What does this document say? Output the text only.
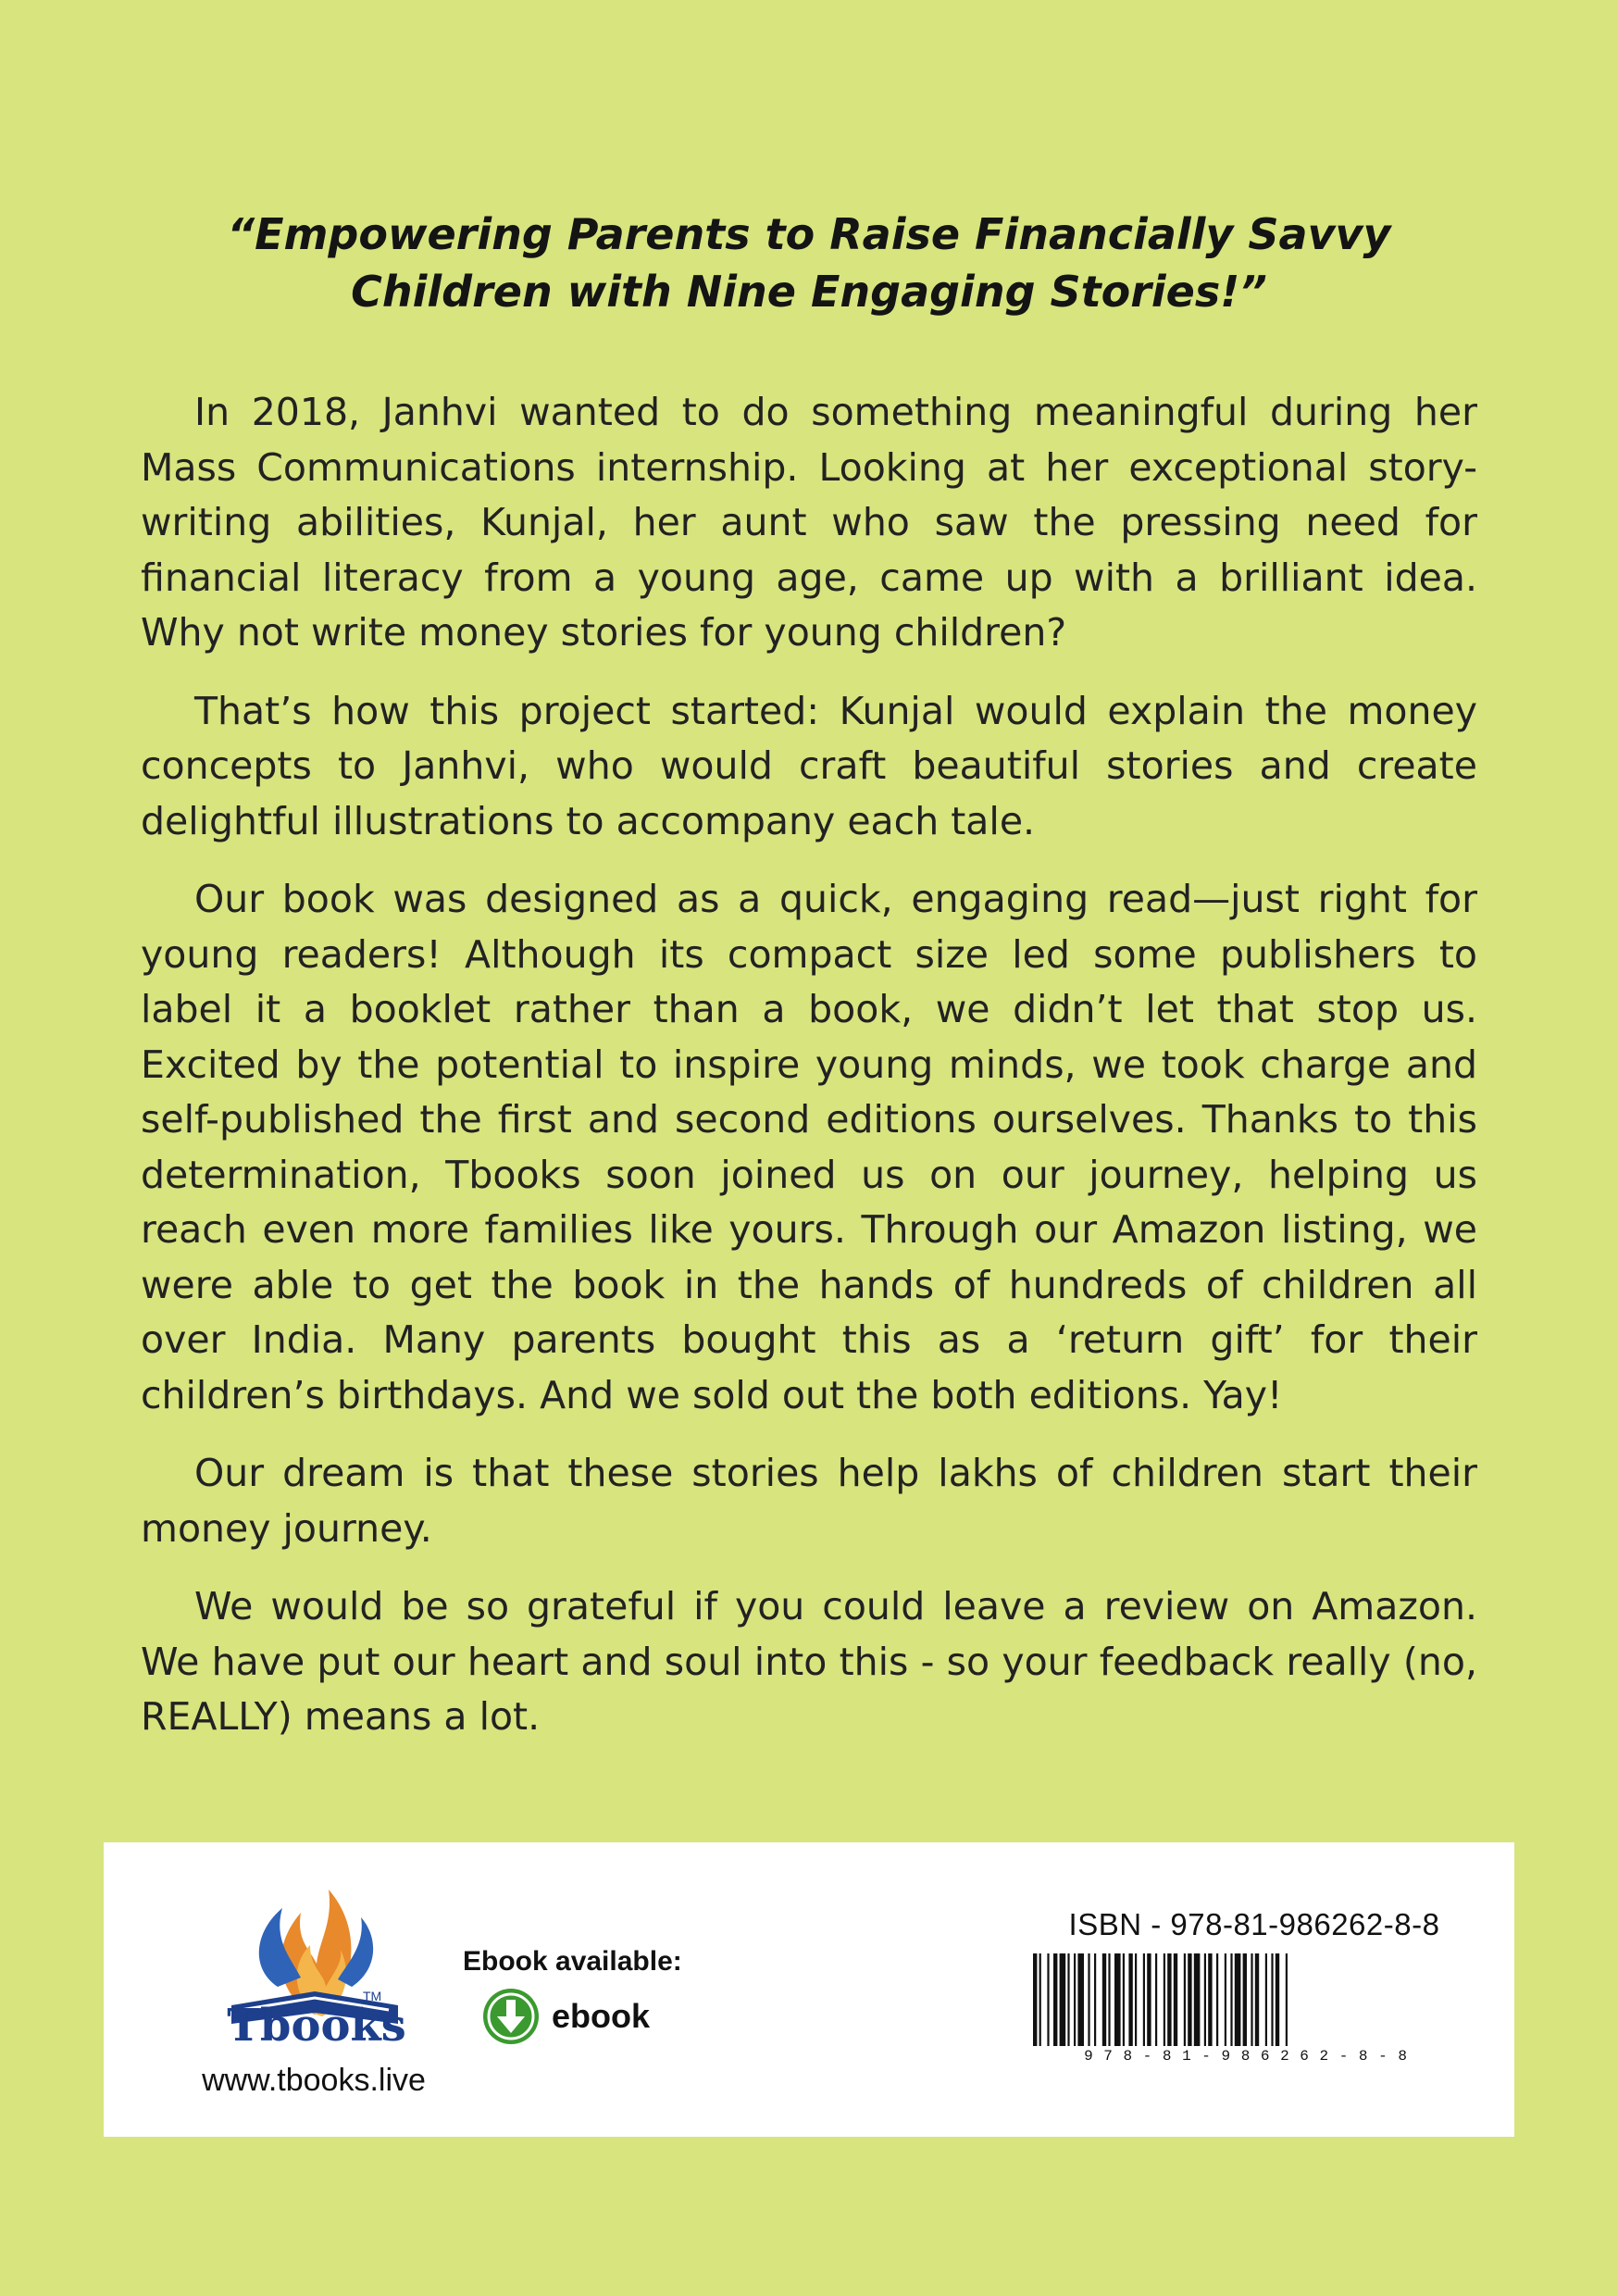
“Empowering Parents to Raise Financially Savvy
Children with Nine Engaging Stories!”

In 2018, Janhvi wanted to do something meaningful during her Mass Communications internship. Looking at her exceptional story-writing abilities, Kunjal, her aunt who saw the pressing need for financial literacy from a young age, came up with a brilliant idea. Why not write money stories for young children?

That’s how this project started: Kunjal would explain the money concepts to Janhvi, who would craft beautiful stories and create delightful illustrations to accompany each tale.

Our book was designed as a quick, engaging read—just right for young readers! Although its compact size led some publishers to label it a booklet rather than a book, we didn’t let that stop us. Excited by the potential to inspire young minds, we took charge and self-published the first and second editions ourselves. Thanks to this determination, Tbooks soon joined us on our journey, helping us reach even more families like yours. Through our Amazon listing, we were able to get the book in the hands of hundreds of children all over India. Many parents bought this as a ‘return gift’ for their children’s birthdays. And we sold out the both editions. Yay!

Our dream is that these stories help lakhs of children start their money journey.

We would be so grateful if you could leave a review on Amazon. We have put our heart and soul into this - so your feedback really (no, REALLY) means a lot.

Tbooks
TM
www.tbooks.live
Ebook available:
ebook
ISBN - 978-81-986262-8-8
9 7 8 - 8 1 - 9 8 6 2 6 2 - 8 - 8
